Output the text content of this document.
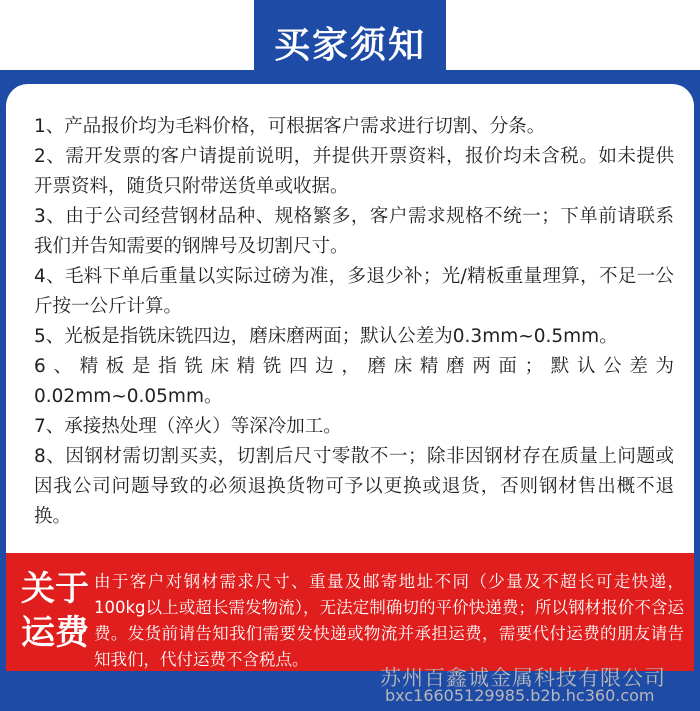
买家须知
1、产品报价均为毛料价格，可根据客户需求进行切割、分条。
2、需开发票的客户请提前说明，并提供开票资料，报价均未含税。如未提供开票资料，随货只附带送货单或收据。
3、由于公司经营钢材品种、规格繁多，客户需求规格不统一；下单前请联系我们并告知需要的钢牌号及切割尺寸。
4、毛料下单后重量以实际过磅为准，多退少补；光/精板重量理算，不足一公斤按一公斤计算。
5、光板是指铣床铣四边，磨床磨两面；默认公差为0.3mm~0.5mm。
6、精板是指铣床精铣四边，磨床精磨两面；默认公差为0.02mm~0.05mm。
7、承接热处理（淬火）等深冷加工。
8、因钢材需切割买卖，切割后尺寸零散不一；除非因钢材存在质量上问题或因我公司问题导致的必须退换货物可予以更换或退货，否则钢材售出概不退换。
关于
运费
由于客户对钢材需求尺寸、重量及邮寄地址不同（少量及不超长可走快递，100kg以上或超长需发物流），无法定制确切的平价快递费；所以钢材报价不含运费。发货前请告知我们需要发快递或物流并承担运费，需要代付运费的朋友请告知我们，代付运费不含税点。
苏州百鑫诚金属科技有限公司
bxc16605129985.b2b.hc360.com
